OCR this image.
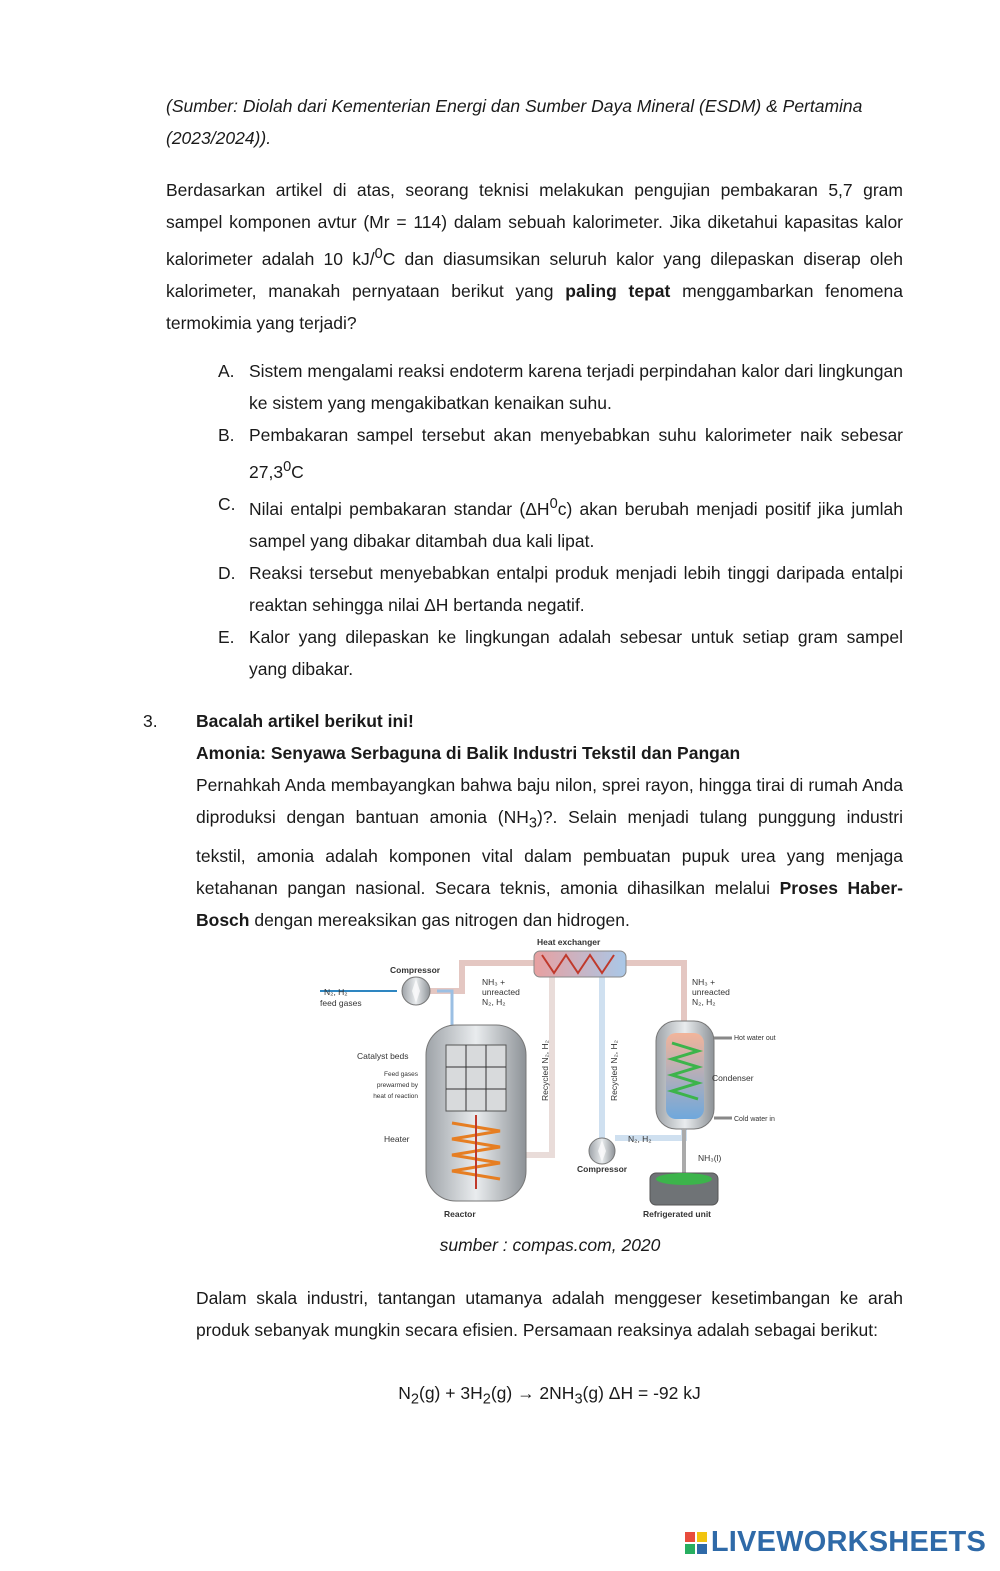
(Sumber: Diolah dari Kementerian Energi dan Sumber Daya Mineral (ESDM) & Pertamina (2023/2024)).

Berdasarkan artikel di atas, seorang teknisi melakukan pengujian pembakaran 5,7 gram sampel komponen avtur (Mr = 114) dalam sebuah kalorimeter. Jika diketahui kapasitas kalor kalorimeter adalah 10 kJ/$^0$C dan diasumsikan seluruh kalor yang dilepaskan diserap oleh kalorimeter, manakah pernyataan berikut yang paling tepat menggambarkan fenomena termokimia yang terjadi?

A. Sistem mengalami reaksi endoterm karena terjadi perpindahan kalor dari lingkungan ke sistem yang mengakibatkan kenaikan suhu.
B. Pembakaran sampel tersebut akan menyebabkan suhu kalorimeter naik sebesar 27,3$^0$C
C. Nilai entalpi pembakaran standar $(\Delta H^0c)$ akan berubah menjadi positif jika jumlah sampel yang dibakar ditambah dua kali lipat.
D. Reaksi tersebut menyebabkan entalpi produk menjadi lebih tinggi daripada entalpi reaktan sehingga nilai ΔH bertanda negatif.
E. Kalor yang dilepaskan ke lingkungan adalah sebesar untuk setiap gram sampel yang dibakar.
3. Bacalah artikel berikut ini!

Amonia: Senyawa Serbaguna di Balik Industri Tekstil dan Pangan

Pernahkah Anda membayangkan bahwa baju nilon, sprei rayon, hingga tirai di rumah Anda diproduksi dengan bantuan amonia $(NH_3)$?. Selain menjadi tulang punggung industri tekstil, amonia adalah komponen vital dalam pembuatan pupuk urea yang menjaga ketahanan pangan nasional. Secara teknis, amonia dihasilkan melalui Proses Haber-Bosch dengan mereaksikan gas nitrogen dan hidrogen.

Heat exchanger
Compressor
N₂, H₂
feed gases
NH₃ +
unreacted
N₂, H₂
NH₃ +
unreacted
N₂, H₂
Catalyst beds
Feed gases
prewarmed by
heat of reaction
Heater
Recycled N₂, H₂	Recycled N₂, H₂
Hot water out
Condenser
Cold water in
N₂, H₂
NH₃(l)
Compressor
Reactor	Refrigerated unit
sumber : compas.com, 2020

Dalam skala industri, tantangan utamanya adalah menggeser kesetimbangan ke arah produk sebanyak mungkin secara efisien. Persamaan reaksinya adalah sebagai berikut:

$N_2(g) + 3H_2(g) \to 2NH_3(g) \Delta H = -92$ kJ

LIVEWORKSHEETS
